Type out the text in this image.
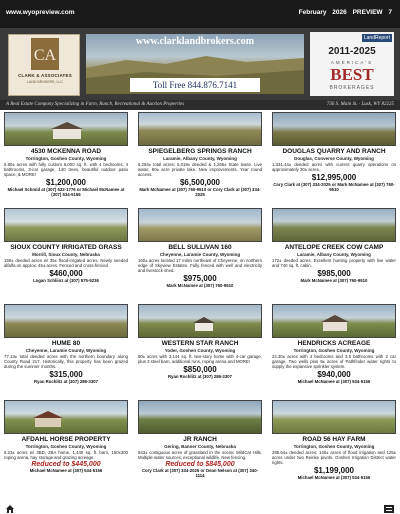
www.wyopreview.com	February 2026 PREVIEW 7
CA
CLARK & ASSOCIATES
LAND BROKERS, LLC
www.clarklandbrokers.com
Toll Free 844.876.7141
LandReport
2011-2025
AMERICA'S
BEST
BROKERAGES
A Real Estate Company Specializing in Farm, Ranch, Recreational & Auction Properties	736 S. Main St. · Lusk, WY 82225
4530 MCKENNA ROAD
Torrington, Goshen County, Wyoming
6.80± acres with fully custom 6,000 sq. ft. with 4 bedrooms, 4 bathrooms, 3-car garage, 140 trees, beautiful outdoor patio space, & MORE!
$1,200,000
Michael Schmid at (307) 532-1776 or Michael McNamee at (307) 534-5156
SPIEGELBERG SPRINGS RANCH
Laramie, Albany County, Wyoming
6,284± total acres; 5,019± deeded & 1,265± State lease. Live water, 80± acre private lake. New improvements. Year round access.
$6,500,000
Mark McNamee at (307) 760-9510 or Cory Clark at (307) 334-2025
DOUGLAS QUARRY AND RANCH
Douglas, Converse County, Wyoming
1,331.44± deeded acres with current quarry operations on approximately 30± acres.
$12,995,000
Cory Clark at (307) 334-2025 or Mark McNamee at (307) 760-9510
SIOUX COUNTY IRRIGATED GRASS
Morrill, Sioux County, Nebraska
159± deeded acres w/ 35± flood-irrigated acres. Newly seeded alfalfa on approx. 45± acres. Fenced and cross-fenced
$460,000
Logan Schliinz at (307) 575-5236
BELL SULLIVAN 160
Cheyenne, Laramie County, Wyoming
160± acres located 17 miles northeast of Cheyenne, on northern edge of Skyview Estates. Fully fenced with well and electricity and livestock shed.
$975,000
Mark McNamee at (307) 760-9510
ANTELOPE CREEK COW CAMP
Laramie, Albany County, Wyoming
172± deeded acres. Excellent hunting property with live water and 740 sq. ft. cabin.
$985,000
Mark McNamee at (307) 760-9510
HUME 80
Cheyenne, Laramie County, Wyoming
77.13± total deeded acres with the northern boundary along County Road 217. Historically, this property has been grazed during the summer months.
$315,000
Ryan Rochlitz at (307) 286-3307
WESTERN STAR RANCH
Yoder, Goshen County, Wyoming
80± acres with 3,144 sq. ft. two-story home with 4-car garage, plus 3 steel barn, additional runs, roping arena and MORE!
$850,000
Ryan Rochlitz at (307) 286-3307
HENDRICKS ACREAGE
Torrington, Goshen County, Wyoming
24.30± acres with 4 bedrooms and 3.5 bathrooms with 2 car garage. Two wells plus 9± acres of Pathfinder water rights to supply the expansive sprinkler system.
$940,000
Michael McNamee at (307) 534-5156
AFDAHL HORSE PROPERTY
Torrington, Goshen County, Wyoming
6.23± acres w/ 3BD, 2BA home, 1,440 sq. ft. barn, 150x300 roping arena, hay storage and grazing acreage.
Reduced to $445,000
Michael McNamee at (307) 534-5156
JR RANCH
Gering, Banner County, Nebraska
843± contiguous acres of grassland in the scenic WildCat Hills. Multiple water sources, exceptional wildlife. New fencing.
Reduced to $845,000
Cory Clark at (307) 334-2025 or Dean Nelson at (307) 340-1114
ROAD 56 HAY FARM
Torrington, Goshen County, Wyoming
285.64± deeded acres; 140± acres of flood irrigation and 125± acres under two Reinke pivots. Goshen Irrigation District water rights.
$1,199,000
Michael McNamee at (307) 534-5156
